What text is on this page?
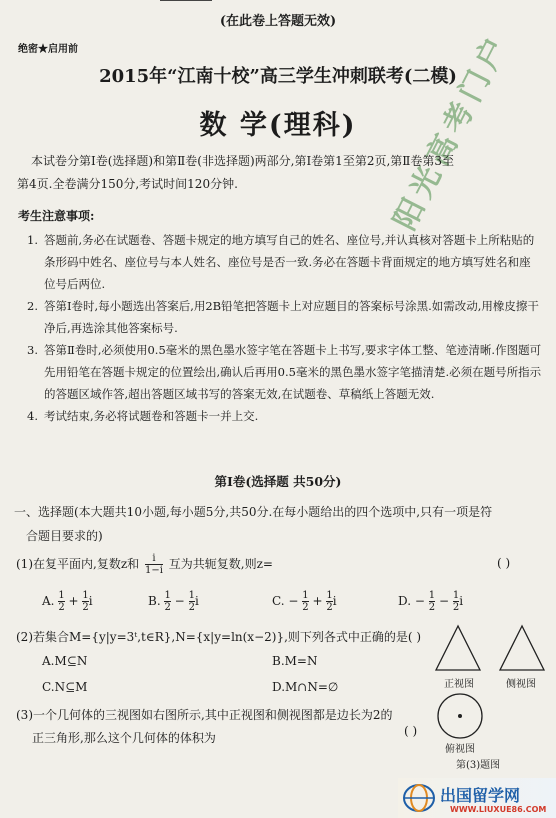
阳光高考门户
(在此卷上答题无效)
绝密★启用前
2015年“江南十校”高三学生冲刺联考(二模)
数 学(理科)
本试卷分第Ⅰ卷(选择题)和第Ⅱ卷(非选择题)两部分,第Ⅰ卷第1至第2页,第Ⅱ卷第3至
第4页.全卷满分150分,考试时间120分钟.
考生注意事项:
1. 答题前,务必在试题卷、答题卡规定的地方填写自己的姓名、座位号,并认真核对答题卡上所粘贴的条形码中姓名、座位号与本人姓名、座位号是否一致.务必在答题卡背面规定的地方填写姓名和座位号后两位.
2. 答第Ⅰ卷时,每小题选出答案后,用2B铅笔把答题卡上对应题目的答案标号涂黑.如需改动,用橡皮擦干净后,再选涂其他答案标号.
3. 答第Ⅱ卷时,必须使用0.5毫米的黑色墨水签字笔在答题卡上书写,要求字体工整、笔迹清晰.作图题可先用铅笔在答题卡规定的位置绘出,确认后再用0.5毫米的黑色墨水签字笔描清楚.必须在题号所指示的答题区域作答,超出答题区域书写的答案无效,在试题卷、草稿纸上答题无效.
4. 考试结束,务必将试题卷和答题卡一并上交.
第Ⅰ卷(选择题 共50分)
一、选择题(本大题共10小题,每小题5分,共50分.在每小题给出的四个选项中,只有一项是符
合题目要求的)
(1)在复平面内,复数z和 $\frac{i}{1-i}$ 互为共轭复数,则z=	( )
A. $\frac{1}{2} + \frac{1}{2}$ i	B. $\frac{1}{2} - \frac{1}{2}$ i	C. − $\frac{1}{2} + \frac{1}{2}$ i	D. − $\frac{1}{2} - \frac{1}{2}$ i
(2)若集合M={y|y=3ᵗ,t∈R},N={x|y=ln(x−2)},则下列各式中正确的是( )
A.M⊆N	B.M=N
C.N⊆M	D.M∩N=∅
(3)一个几何体的三视图如右图所示,其中正视图和侧视图都是边长为2的
正三角形,那么这个几何体的体积为	( )
正视图	侧视图
俯视图
第(3)题图
出国留学网
WWW.LIUXUE86.COM
